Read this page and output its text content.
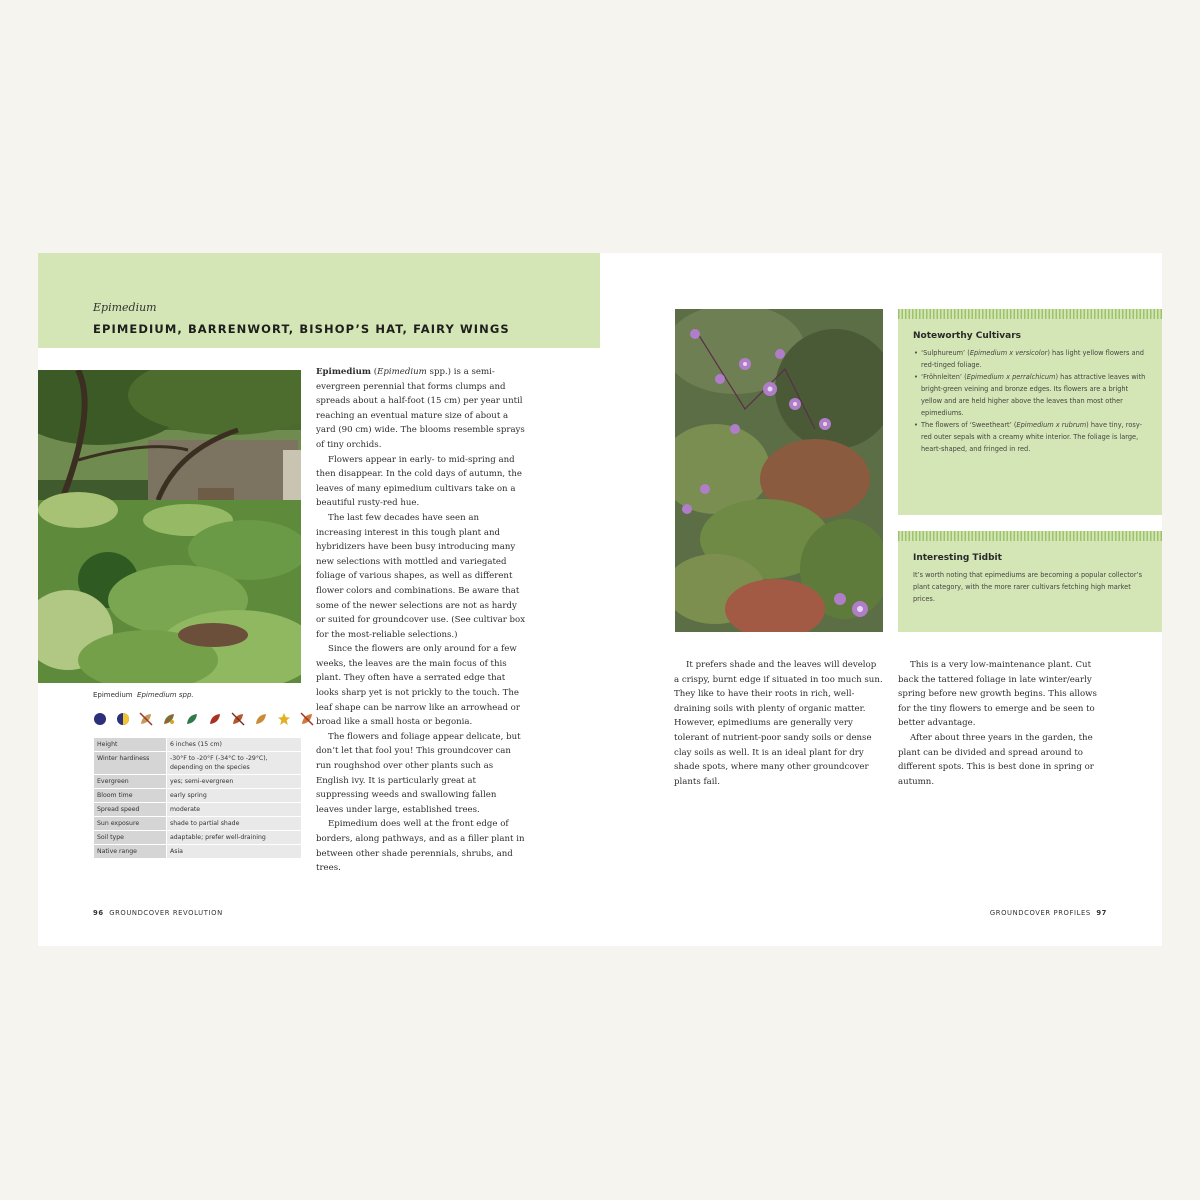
Epimedium
EPIMEDIUM, BARRENWORT, BISHOP’S HAT, FAIRY WINGS
Epimedium Epimedium spp.
Height	6 inches (15 cm)
Winter hardiness	-30°F to -20°F (-34°C to -29°C), depending on the species
Evergreen	yes; semi-evergreen
Bloom time	early spring
Spread speed	moderate
Sun exposure	shade to partial shade
Soil type	adaptable; prefer well-draining
Native range	Asia

Epimedium (Epimedium spp.) is a semi-evergreen perennial that forms clumps and spreads about a half-foot (15 cm) per year until reaching an eventual mature size of about a yard (90 cm) wide. The blooms resemble sprays of tiny orchids.

Flowers appear in early- to mid-spring and then disappear. In the cold days of autumn, the leaves of many epimedium cultivars take on a beautiful rusty-red hue.

The last few decades have seen an increasing interest in this tough plant and hybridizers have been busy introducing many new selections with mottled and variegated foliage of various shapes, as well as different flower colors and combinations. Be aware that some of the newer selections are not as hardy or suited for groundcover use. (See cultivar box for the most-reliable selections.)

Since the flowers are only around for a few weeks, the leaves are the main focus of this plant. They often have a serrated edge that looks sharp yet is not prickly to the touch. The leaf shape can be narrow like an arrowhead or broad like a small hosta or begonia.

The flowers and foliage appear delicate, but don’t let that fool you! This groundcover can run roughshod over other plants such as English ivy. It is particularly great at suppressing weeds and swallowing fallen leaves under large, established trees.

Epimedium does well at the front edge of borders, along pathways, and as a filler plant in between other shade perennials, shrubs, and trees.

96 GROUNDCOVER REVOLUTION
Noteworthy Cultivars
• ‘Sulphureum’ (Epimedium x versicolor) has light yellow flowers and red-tinged foliage.
• ‘Fröhnleiten’ (Epimedium x perralchicum) has attractive leaves with bright-green veining and bronze edges. Its flowers are a bright yellow and are held higher above the leaves than most other epimediums.
• The flowers of ‘Sweetheart’ (Epimedium x rubrum) have tiny, rosy-red outer sepals with a creamy white interior. The foliage is large, heart-shaped, and fringed in red.
Interesting Tidbit

It’s worth noting that epimediums are becoming a popular collector’s plant category, with the more rarer cultivars fetching high market prices.

It prefers shade and the leaves will develop a crispy, burnt edge if situated in too much sun. They like to have their roots in rich, well-draining soils with plenty of organic matter. However, epimediums are generally very tolerant of nutrient-poor sandy soils or dense clay soils as well. It is an ideal plant for dry shade spots, where many other groundcover plants fail.

This is a very low-maintenance plant. Cut back the tattered foliage in late winter/early spring before new growth begins. This allows for the tiny flowers to emerge and be seen to better advantage.

After about three years in the garden, the plant can be divided and spread around to different spots. This is best done in spring or autumn.

GROUNDCOVER PROFILES 97
